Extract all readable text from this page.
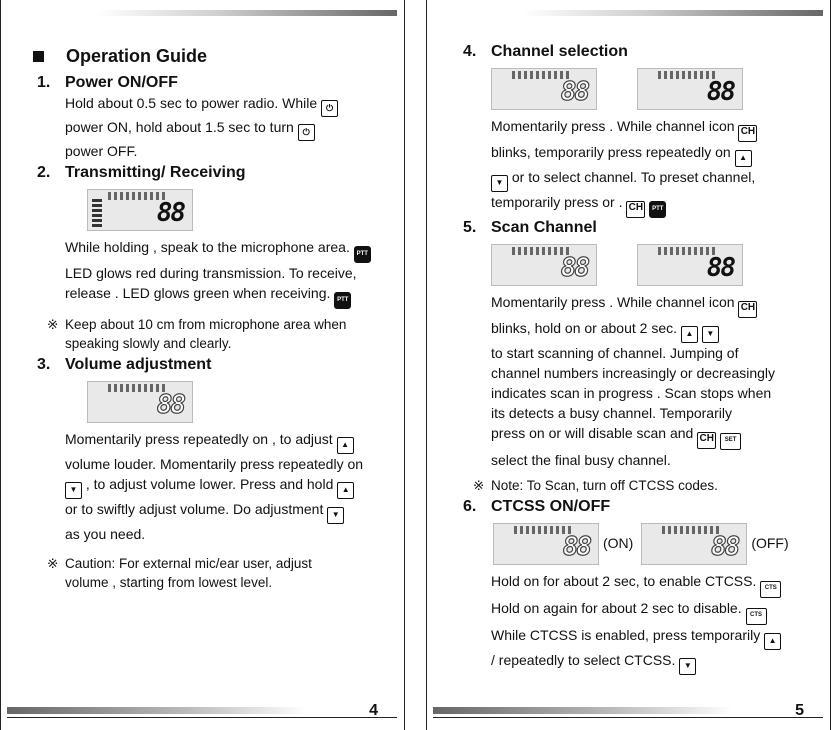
Operation Guide
1. Power ON/OFF

Hold about 0.5 sec to power radio. While ⏻
power ON, hold about 1.5 sec to turn ⏻
power OFF.

2. Transmitting/ Receiving
88

While holding , speak to the microphone area. PTT
LED glows red during transmission. To receive,
release . LED glows green when receiving. PTT

※ Keep about 10 cm from microphone area when
speaking slowly and clearly.
3. Volume adjustment
88

Momentarily press repeatedly on , to adjust ▲
volume louder. Momentarily press repeatedly on
▼ , to adjust volume lower. Press and hold ▲
or to swiftly adjust volume. Do adjustment ▼
as you need.

※ Caution: For external mic/ear user, adjust
volume , starting from lowest level.
4
4. Channel selection
88	88

Momentarily press . While channel icon CH
blinks, temporarily press repeatedly on ▲
▼ or to select channel. To preset channel,
temporarily press or . CH PTT

5. Scan Channel
88	88

Momentarily press . While channel icon CH
blinks, hold on or about 2 sec. ▲ ▼
to start scanning of channel. Jumping of
channel numbers increasingly or decreasingly
indicates scan in progress . Scan stops when
its detects a busy channel. Temporarily
press on or will disable scan and CH SET
select the final busy channel.

※ Note: To Scan, turn off CTCSS codes.
6. CTCSS ON/OFF
88 (ON)	88 (OFF)

Hold on for about 2 sec, to enable CTCSS. CTS
Hold on again for about 2 sec to disable. CTS
While CTCSS is enabled, press temporarily ▲
/ repeatedly to select CTCSS. ▼

5
